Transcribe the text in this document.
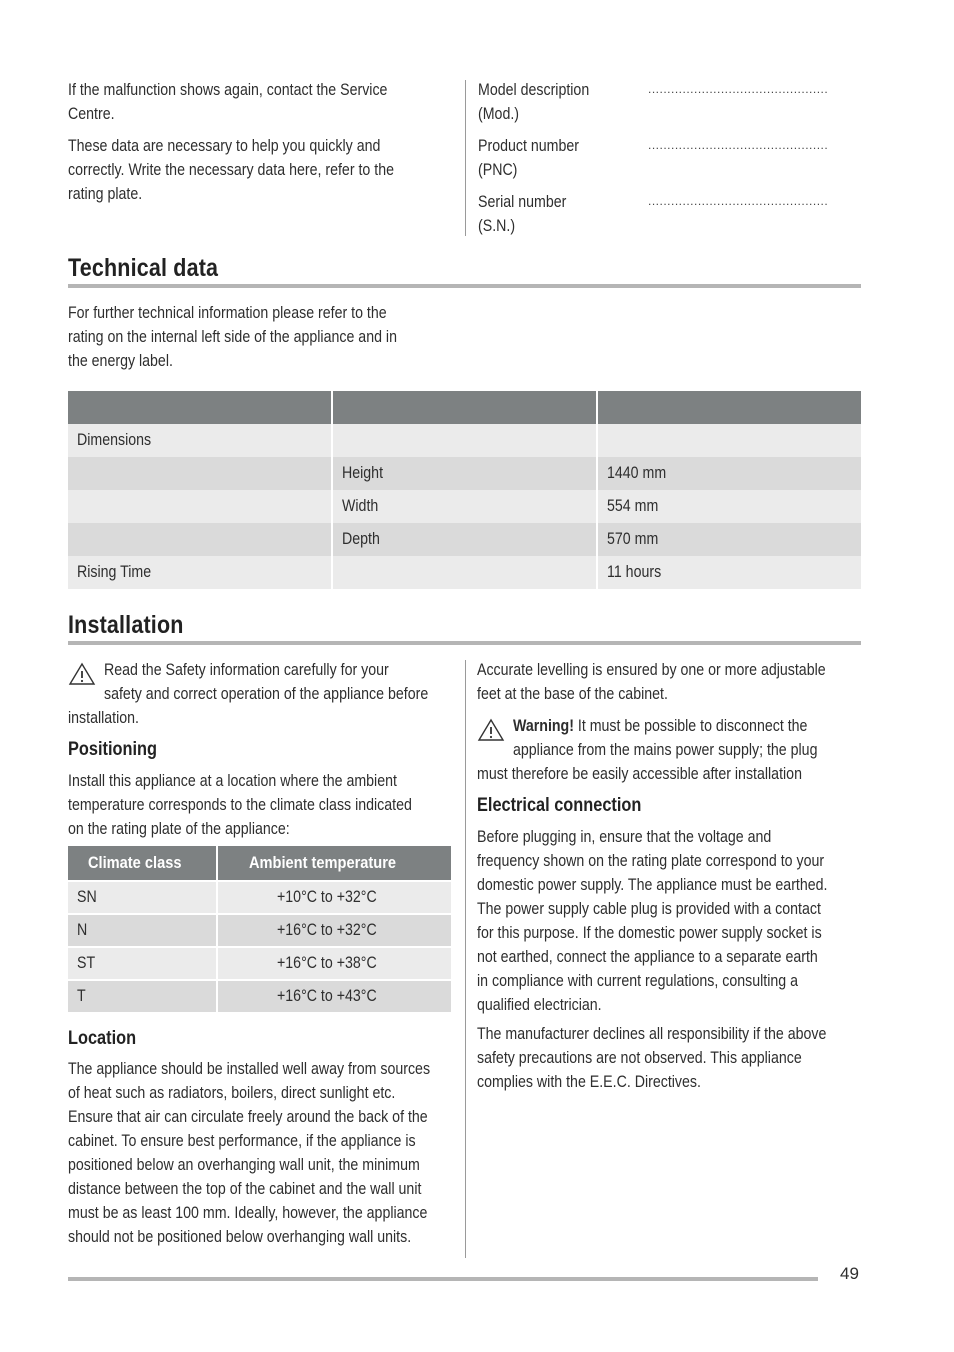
If the malfunction shows again, contact the Service
Centre.

These data are necessary to help you quickly and
correctly. Write the necessary data here, refer to the
rating plate.

Model description
(Mod.)
...............................................
Product number
(PNC)
...............................................
Serial number
(S.N.)
...............................................
Technical data
For further technical information please refer to the
rating on the internal left side of the appliance and in
the energy label.

Dimensions		
	Height	1440 mm
	Width	554 mm
	Depth	570 mm
Rising Time		11 hours
Installation
Read the Safety information carefully for your
safety and correct operation of the appliance before
installation.
Positioning
Install this appliance at a location where the ambient
temperature corresponds to the climate class indicated
on the rating plate of the appliance:
Climate class	Ambient temperature
SN	+10°C to +32°C
N	+16°C to +32°C
ST	+16°C to +38°C
T	+16°C to +43°C
Location
The appliance should be installed well away from sources
of heat such as radiators, boilers, direct sunlight etc.
Ensure that air can circulate freely around the back of the
cabinet. To ensure best performance, if the appliance is
positioned below an overhanging wall unit, the minimum
distance between the top of the cabinet and the wall unit
must be as least 100 mm. Ideally, however, the appliance
should not be positioned below overhanging wall units.
Accurate levelling is ensured by one or more adjustable
feet at the base of the cabinet.
Warning! It must be possible to disconnect the
appliance from the mains power supply; the plug
must therefore be easily accessible after installation
Electrical connection
Before plugging in, ensure that the voltage and
frequency shown on the rating plate correspond to your
domestic power supply. The appliance must be earthed.
The power supply cable plug is provided with a contact
for this purpose. If the domestic power supply socket is
not earthed, connect the appliance to a separate earth
in compliance with current regulations, consulting a
qualified electrician.
The manufacturer declines all responsibility if the above
safety precautions are not observed. This appliance
complies with the E.E.C. Directives.
49
